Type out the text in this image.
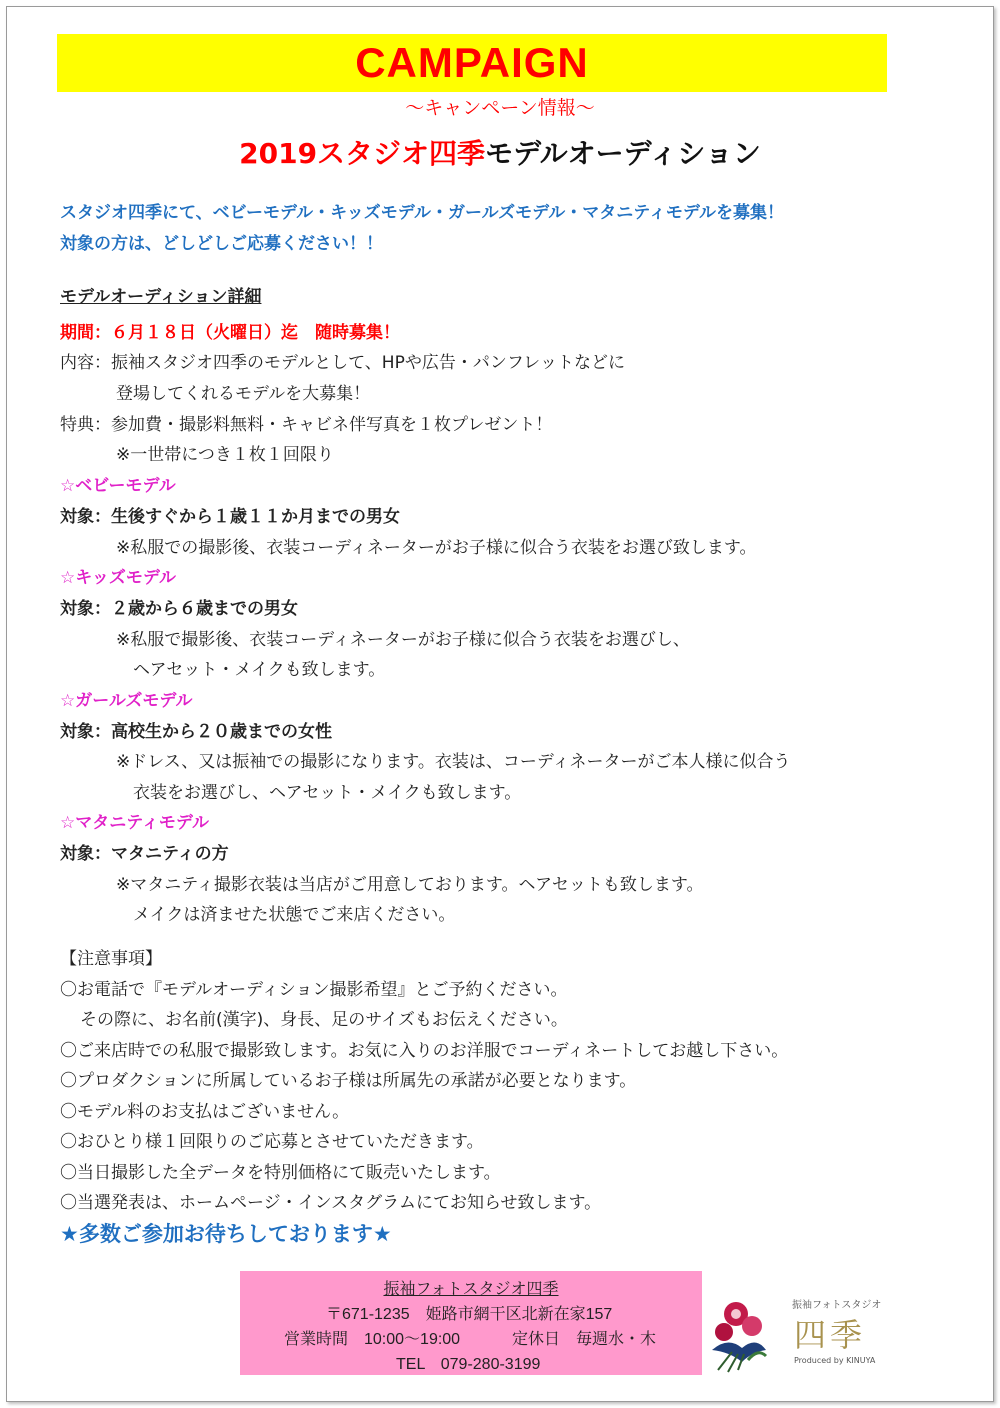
CAMPAIGN
〜キャンペーン情報〜
2019スタジオ四季モデルオーディション
スタジオ四季にて、ベビーモデル・キッズモデル・ガールズモデル・マタニティモデルを募集！
対象の方は、どしどしご応募ください！！
モデルオーディション詳細
期間：６月１８日（火曜日）迄　随時募集！
内容：振袖スタジオ四季のモデルとして、HPや広告・パンフレットなどに
登場してくれるモデルを大募集！
特典：参加費・撮影料無料・キャビネ伴写真を１枚プレゼント！
※一世帯につき１枚１回限り
☆ベビーモデル
対象：生後すぐから１歳１１か月までの男女
※私服での撮影後、衣装コーディネーターがお子様に似合う衣装をお選び致します。
☆キッズモデル
対象：２歳から６歳までの男女
※私服で撮影後、衣装コーディネーターがお子様に似合う衣装をお選びし、
ヘアセット・メイクも致します。
☆ガールズモデル
対象：高校生から２０歳までの女性
※ドレス、又は振袖での撮影になります。衣装は、コーディネーターがご本人様に似合う
衣装をお選びし、ヘアセット・メイクも致します。
☆マタニティモデル
対象：マタニティの方
※マタニティ撮影衣装は当店がご用意しております。ヘアセットも致します。
メイクは済ませた状態でご来店ください。
【注意事項】
〇お電話で『モデルオーディション撮影希望』とご予約ください。
その際に、お名前(漢字)、身長、足のサイズもお伝えください。
〇ご来店時での私服で撮影致します。お気に入りのお洋服でコーディネートしてお越し下さい。
〇プロダクションに所属しているお子様は所属先の承諾が必要となります。
〇モデル料のお支払はございません。
〇おひとり様１回限りのご応募とさせていただきます。
〇当日撮影した全データを特別価格にて販売いたします。
〇当選発表は、ホームページ・インスタグラムにてお知らせ致します。
★多数ご参加お待ちしております★
振袖フォトスタジオ四季
〒671-1235　姫路市網干区北新在家157
営業時間　10:00〜19:00	定休日　毎週水・木
TEL　079-280-3199
振袖フォトスタジオ
四季
Produced by KINUYA
